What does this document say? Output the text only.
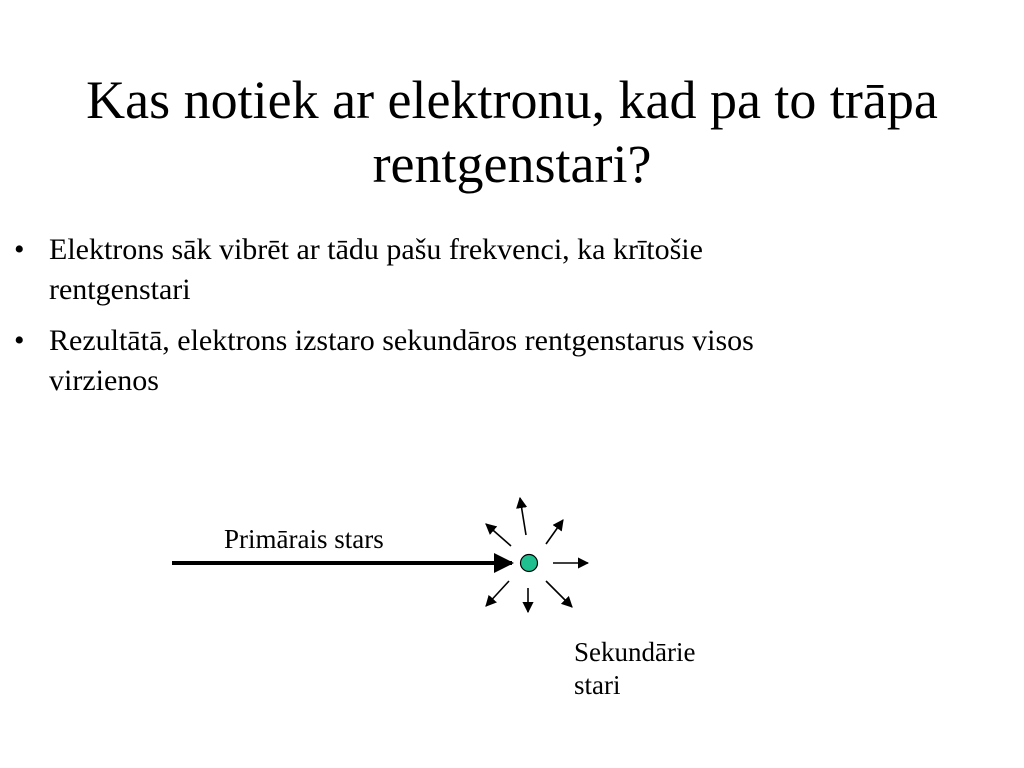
Kas notiek ar elektronu, kad pa to trāpa rentgenstari?
• Elektrons sāk vibrēt ar tādu pašu frekvenci, ka krītošie rentgenstari
• Rezultātā, elektrons izstaro sekundāros rentgenstarus visos virzienos
Primārais stars
Sekundārie
stari
